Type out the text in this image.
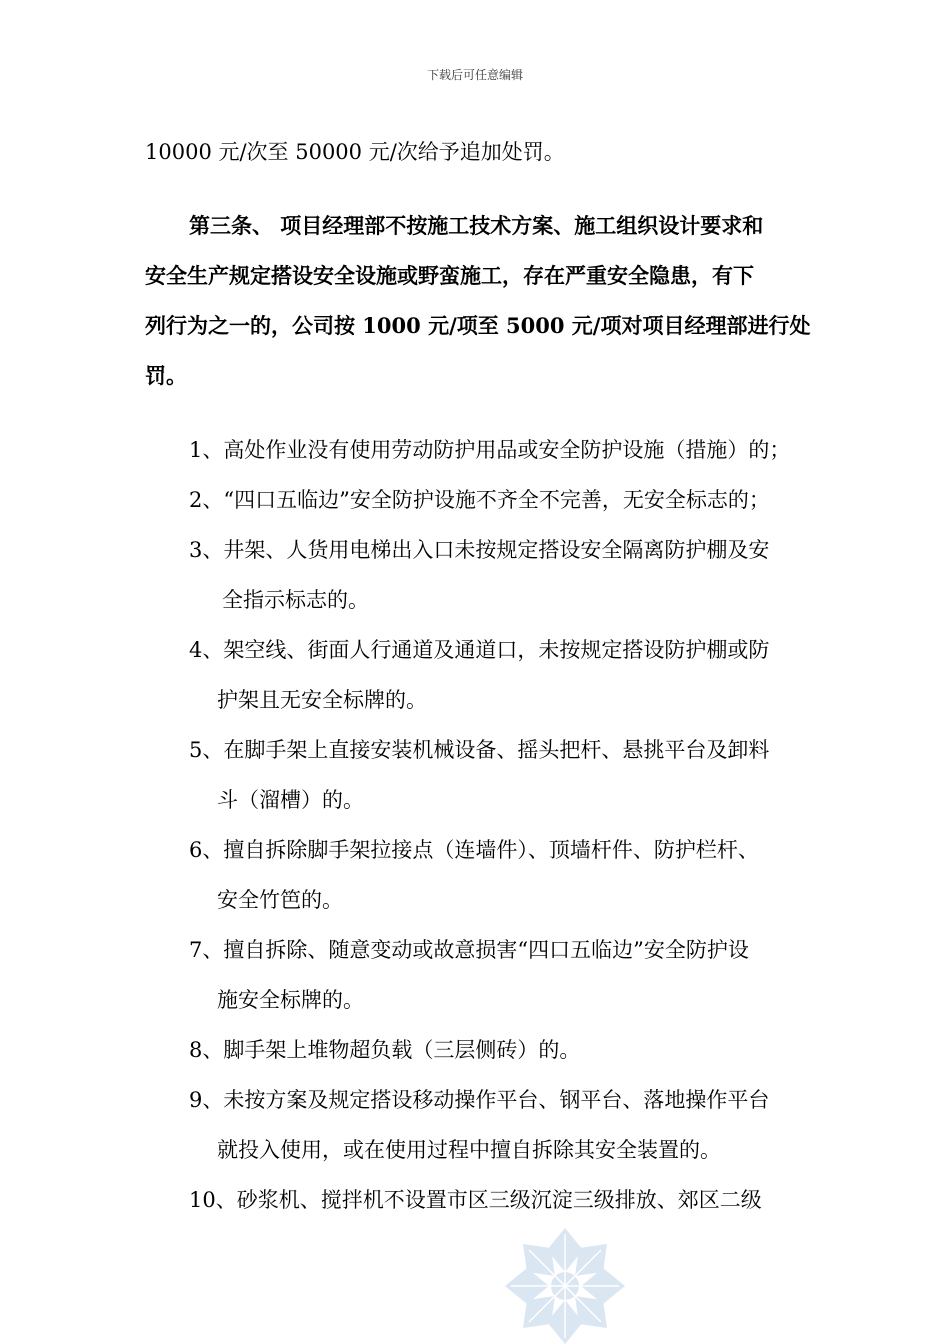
下载后可任意编辑
10000 元/次至 50000 元/次给予追加处罚。
第三条、 项目经理部不按施工技术方案、施工组织设计要求和
安全生产规定搭设安全设施或野蛮施工，存在严重安全隐患，有下
列行为之一的，公司按 1000 元/项至 5000 元/项对项目经理部进行处
罚。
1、高处作业没有使用劳动防护用品或安全防护设施（措施）的；
2、“四口五临边”安全防护设施不齐全不完善，无安全标志的；
3、井架、人货用电梯出入口未按规定搭设安全隔离防护棚及安
全指示标志的。
4、架空线、街面人行通道及通道口，未按规定搭设防护棚或防
护架且无安全标牌的。
5、在脚手架上直接安装机械设备、摇头把杆、悬挑平台及卸料
斗（溜槽）的。
6、擅自拆除脚手架拉接点（连墙件）、顶墙杆件、防护栏杆、
安全竹笆的。
7、擅自拆除、随意变动或故意损害“四口五临边”安全防护设
施安全标牌的。
8、脚手架上堆物超负载（三层侧砖）的。
9、未按方案及规定搭设移动操作平台、钢平台、落地操作平台
就投入使用，或在使用过程中擅自拆除其安全装置的。
10、砂浆机、搅拌机不设置市区三级沉淀三级排放、郊区二级
